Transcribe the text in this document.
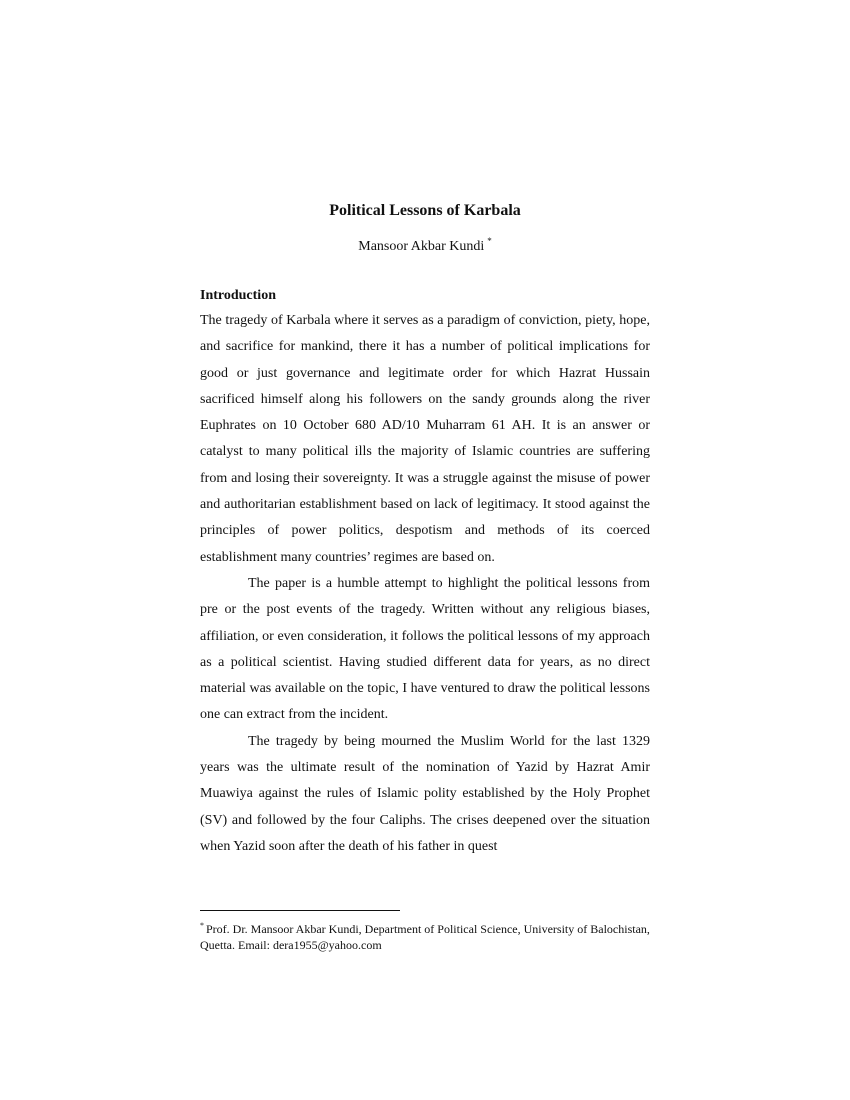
Political Lessons of Karbala
Mansoor Akbar Kundi *
Introduction

The tragedy of Karbala where it serves as a paradigm of conviction, piety, hope, and sacrifice for mankind, there it has a number of political implications for good or just governance and legitimate order for which Hazrat Hussain sacrificed himself along his followers on the sandy grounds along the river Euphrates on 10 October 680 AD/10 Muharram 61 AH. It is an answer or catalyst to many political ills the majority of Islamic countries are suffering from and losing their sovereignty. It was a struggle against the misuse of power and authoritarian establishment based on lack of legitimacy. It stood against the principles of power politics, despotism and methods of its coerced establishment many countries’ regimes are based on.

The paper is a humble attempt to highlight the political lessons from pre or the post events of the tragedy. Written without any religious biases, affiliation, or even consideration, it follows the political lessons of my approach as a political scientist. Having studied different data for years, as no direct material was available on the topic, I have ventured to draw the political lessons one can extract from the incident.

The tragedy by being mourned the Muslim World for the last 1329 years was the ultimate result of the nomination of Yazid by Hazrat Amir Muawiya against the rules of Islamic polity established by the Holy Prophet (SV) and followed by the four Caliphs. The crises deepened over the situation when Yazid soon after the death of his father in quest

* Prof. Dr. Mansoor Akbar Kundi, Department of Political Science, University of Balochistan, Quetta. Email: dera1955@yahoo.com
